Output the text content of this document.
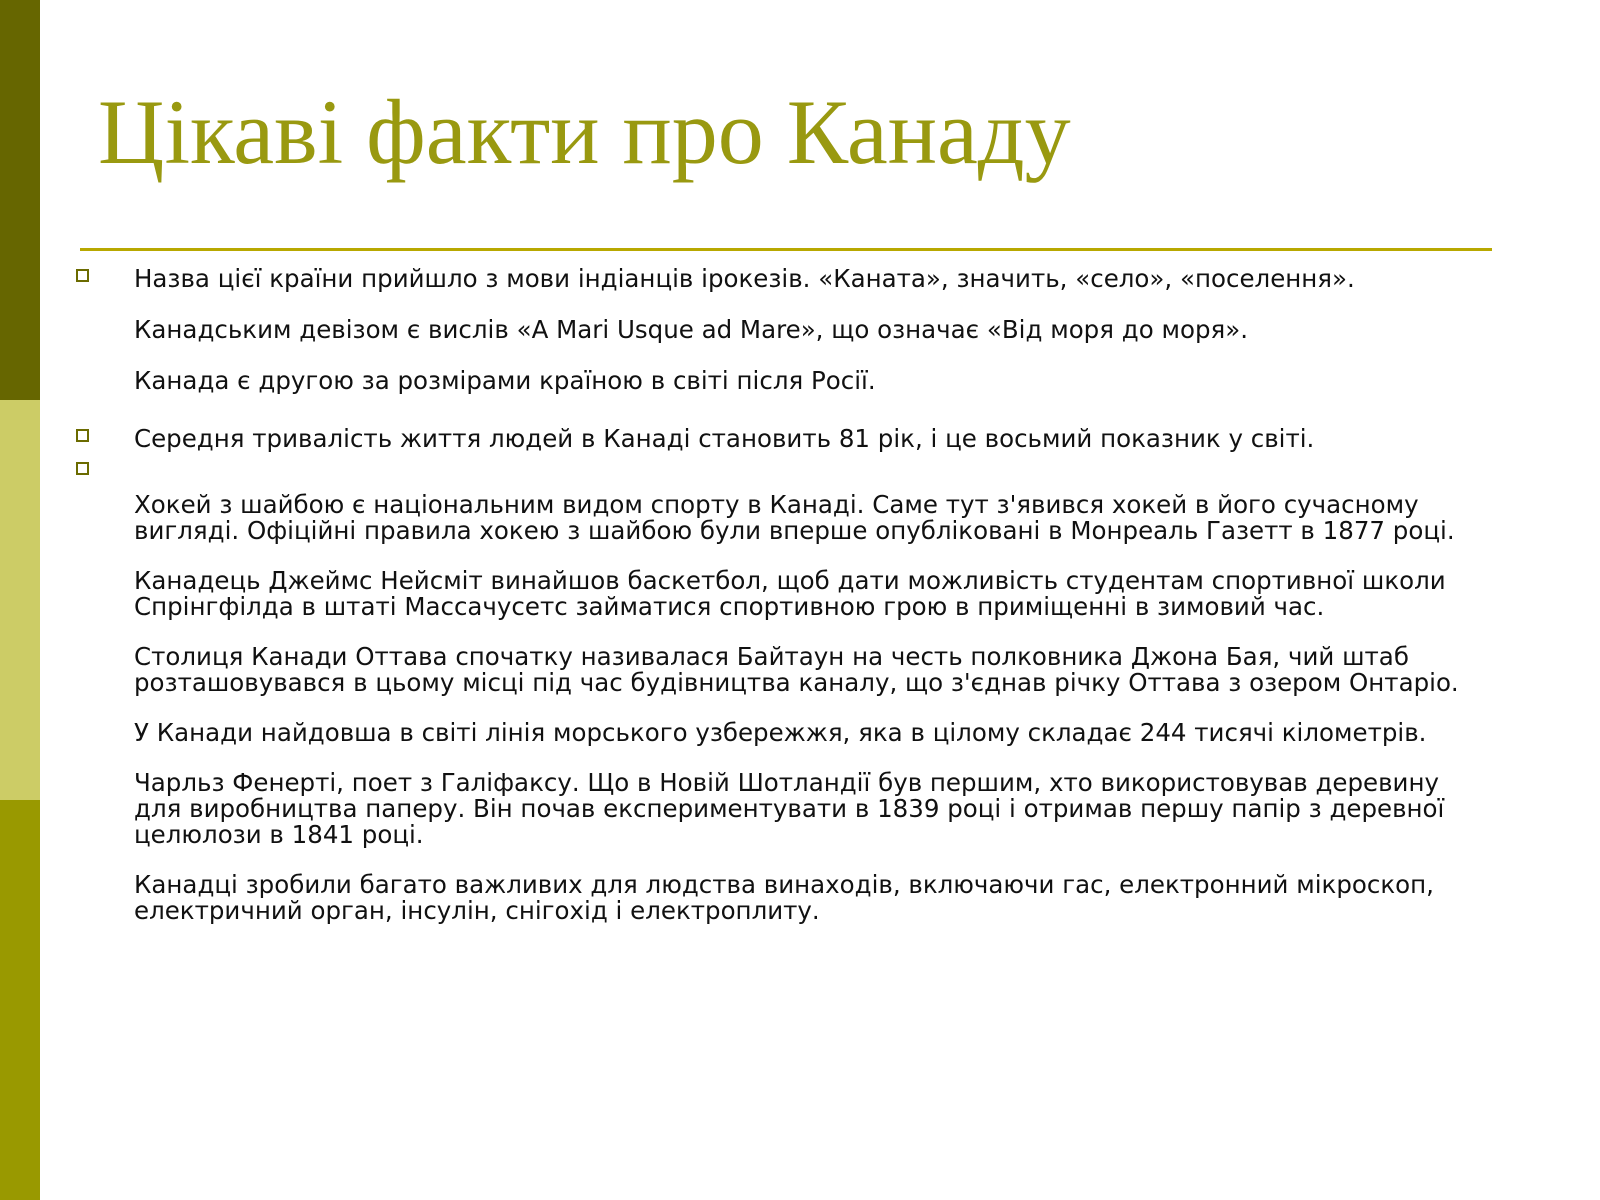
Цікаві факти про Канаду

Назва цієї країни прийшло з мови індіанців ірокезів. «Каната», значить, «село», «поселення».

Канадським девізом є вислів «A Mari Usque ad Mare», що означає «Від моря до моря».

Канада є другою за розмірами країною в світі після Росії.

Середня тривалість життя людей в Канаді становить 81 рік, і це восьмий показник у світі.

Хокей з шайбою є національним видом спорту в Канаді. Саме тут з'явився хокей в його сучасному вигляді. Офіційні правила хокею з шайбою були вперше опубліковані в Монреаль Газетт в 1877 році.

Канадець Джеймс Нейсміт винайшов баскетбол, щоб дати можливість студентам спортивної школи Спрінгфілда в штаті Массачусетс займатися спортивною грою в приміщенні в зимовий час.

Столиця Канади Оттава спочатку називалася Байтаун на честь полковника Джона Бая, чий штаб розташовувався в цьому місці під час будівництва каналу, що з'єднав річку Оттава з озером Онтаріо.

У Канади найдовша в світі лінія морського узбережжя, яка в цілому складає 244 тисячі кілометрів.

Чарльз Фенерті, поет з Галіфаксу. Що в Новій Шотландії був першим, хто використовував деревину для виробництва паперу. Він почав експериментувати в 1839 році і отримав першу папір з деревної целюлози в 1841 році.

Канадці зробили багато важливих для людства винаходів, включаючи гас, електронний мікроскоп, електричний орган, інсулін, снігохід і електроплиту.
